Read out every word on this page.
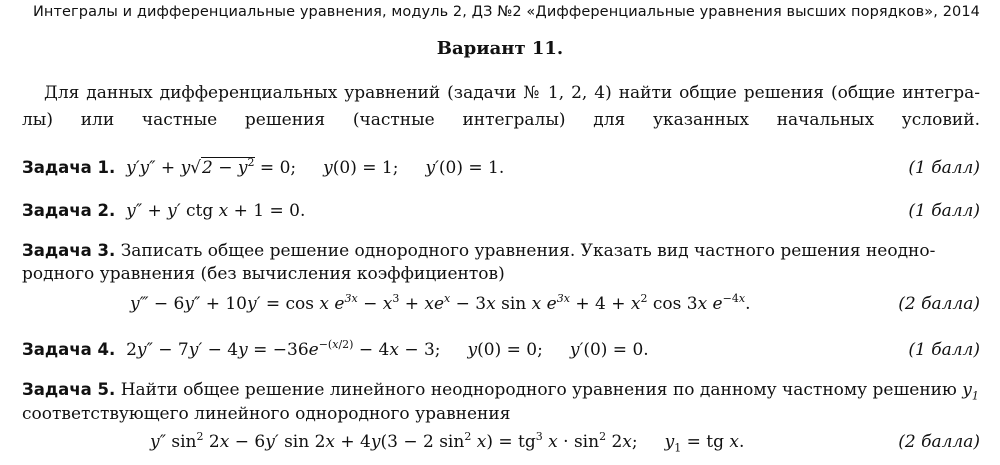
Интегралы и дифференциальные уравнения, модуль 2, ДЗ №2 «Дифференциальные уравнения высших порядков», 2014
Вариант 11.
Для данных дифференциальных уравнений (задачи № 1, 2, 4) найти общие решения (общие интегра-
лы) или частные решения (частные интегралы) для указанных начальных условий.
Задача 1.  $y'y'' + y√2 - y^2 = 0$;     y(0) = 1;     y′(0) = 1.	(1 балл)
Задача 2.  y″ + y′ ctg x + 1 = 0.	(1 балл)
Задача 3. Записать общее решение однородного уравнения. Указать вид частного решения неодно-
родного уравнения (без вычисления коэффициентов)
y‴ − 6y″ + 10y′ = cos x $e^{3x} - x^3 + xe^x - 3x$ sin x $e^{3x} + 4 + x^2$ cos 3x $e^{-4x}$.	(2 балла)
Задача 4. $2y'' - 7y' - 4y = -36e^{-(x/2)} - 4x - 3$;     y(0) = 0;     y′(0) = 0.	(1 балл)
Задача 5. Найти общее решение линейного неоднородного уравнения по данному частному решению $y_1$
соответствующего линейного однородного уравнения
y″ $\sin^2 2x - 6y'$ sin 2x + 4y(3 − 2 $\sin^2 x) = tg^3$ $x \cdot \sin^2 2x$;     $y_1$ = tg x.	(2 балла)
